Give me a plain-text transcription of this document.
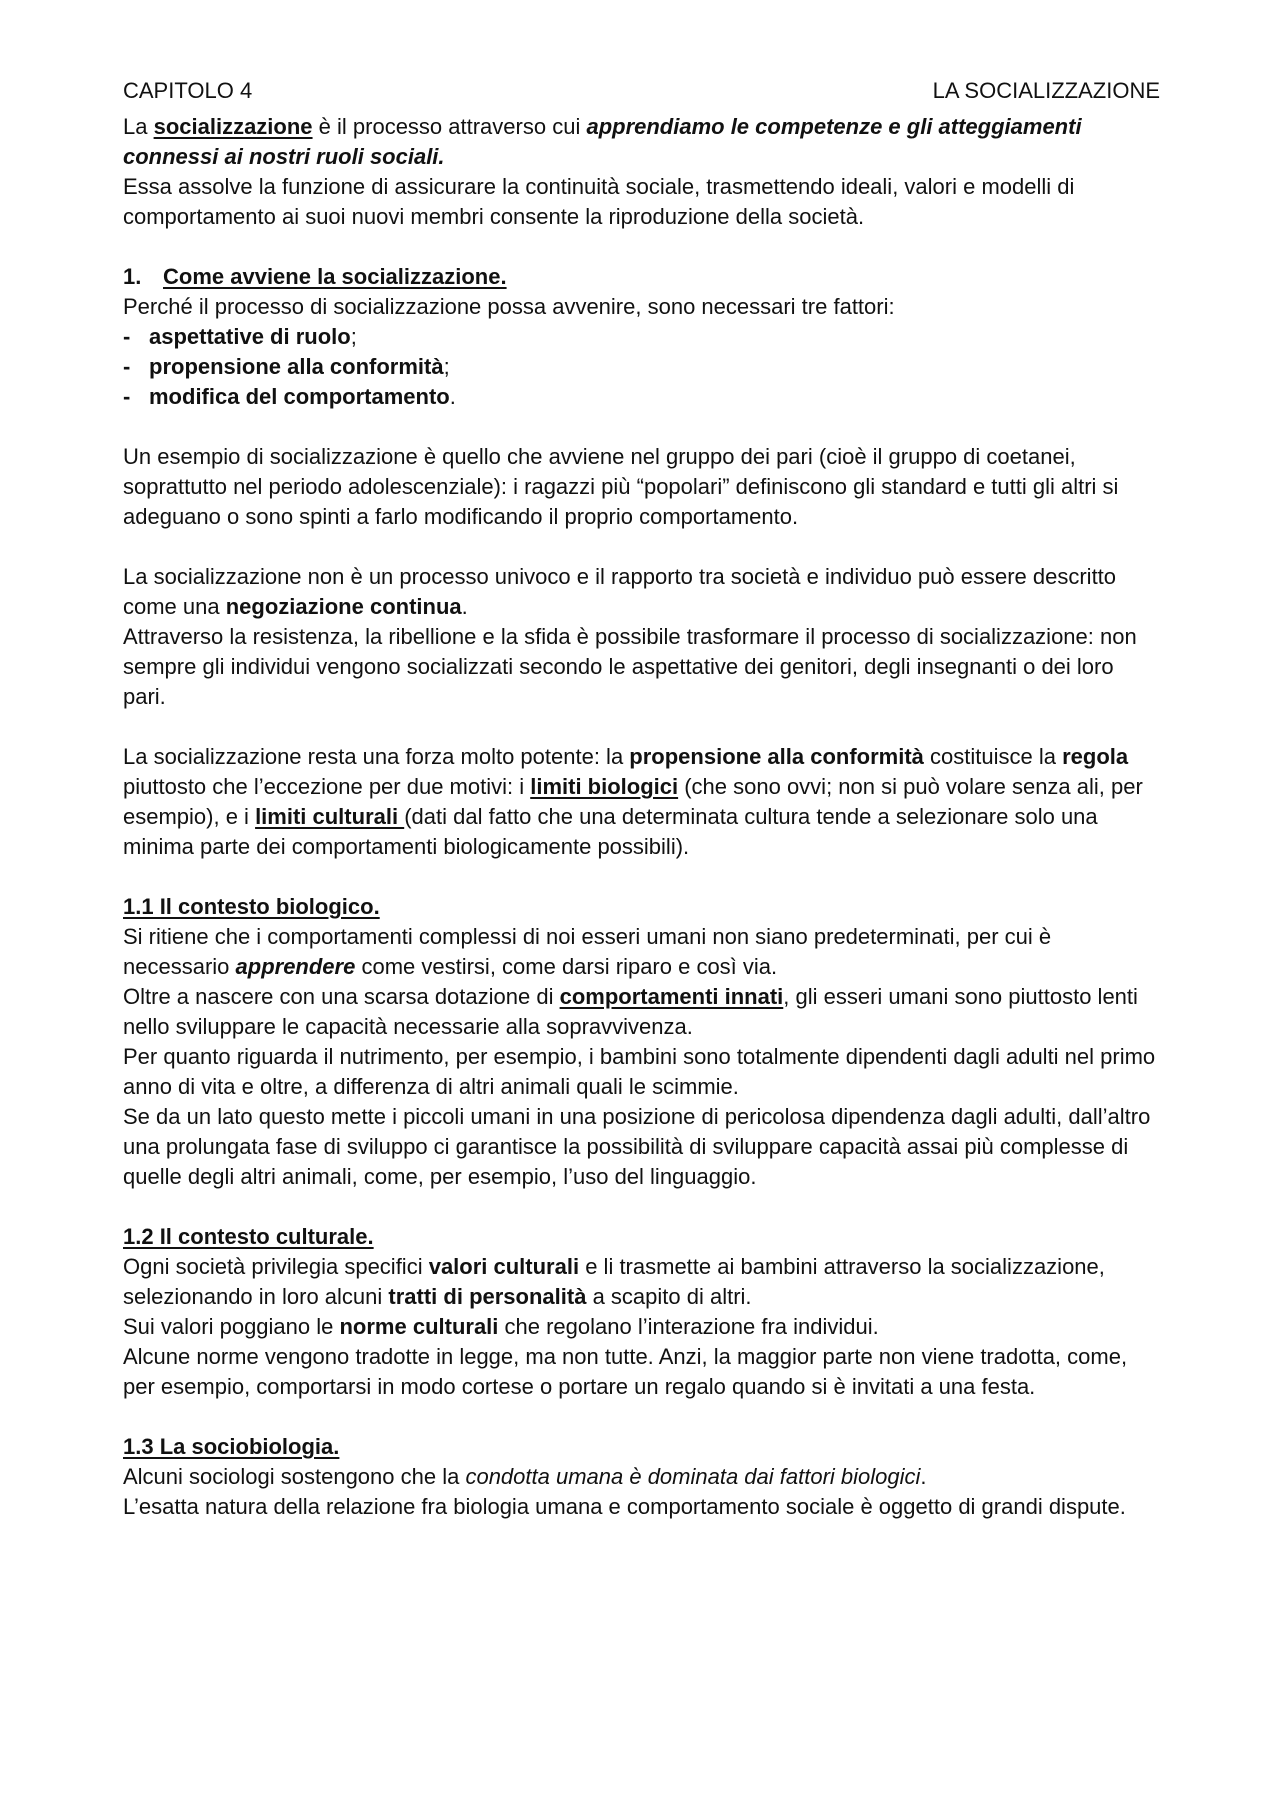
CAPITOLO 4	LA SOCIALIZZAZIONE

La socializzazione è il processo attraverso cui apprendiamo le competenze e gli atteggiamenti connessi ai nostri ruoli sociali.

Essa assolve la funzione di assicurare la continuità sociale, trasmettendo ideali, valori e modelli di comportamento ai suoi nuovi membri consente la riproduzione della società.

1. Come avviene la socializzazione.

Perché il processo di socializzazione possa avvenire, sono necessari tre fattori:

- aspettative di ruolo;
- propensione alla conformità;
- modifica del comportamento.

Un esempio di socializzazione è quello che avviene nel gruppo dei pari (cioè il gruppo di coetanei, soprattutto nel periodo adolescenziale): i ragazzi più “popolari” definiscono gli standard e tutti gli altri si adeguano o sono spinti a farlo modificando il proprio comportamento.

La socializzazione non è un processo univoco e il rapporto tra società e individuo può essere descritto come una negoziazione continua.

Attraverso la resistenza, la ribellione e la sfida è possibile trasformare il processo di socializzazione: non sempre gli individui vengono socializzati secondo le aspettative dei genitori, degli insegnanti o dei loro pari.

La socializzazione resta una forza molto potente: la propensione alla conformità costituisce la regola piuttosto che l’eccezione per due motivi: i limiti biologici (che sono ovvi; non si può volare senza ali, per esempio), e i limiti culturali (dati dal fatto che una determinata cultura tende a selezionare solo una minima parte dei comportamenti biologicamente possibili).

1.1 Il contesto biologico.

Si ritiene che i comportamenti complessi di noi esseri umani non siano predeterminati, per cui è necessario apprendere come vestirsi, come darsi riparo e così via.

Oltre a nascere con una scarsa dotazione di comportamenti innati, gli esseri umani sono piuttosto lenti nello sviluppare le capacità necessarie alla sopravvivenza.

Per quanto riguarda il nutrimento, per esempio, i bambini sono totalmente dipendenti dagli adulti nel primo anno di vita e oltre, a differenza di altri animali quali le scimmie.

Se da un lato questo mette i piccoli umani in una posizione di pericolosa dipendenza dagli adulti, dall’altro una prolungata fase di sviluppo ci garantisce la possibilità di sviluppare capacità assai più complesse di quelle degli altri animali, come, per esempio, l’uso del linguaggio.

1.2 Il contesto culturale.

Ogni società privilegia specifici valori culturali e li trasmette ai bambini attraverso la socializzazione, selezionando in loro alcuni tratti di personalità a scapito di altri.

Sui valori poggiano le norme culturali che regolano l’interazione fra individui.

Alcune norme vengono tradotte in legge, ma non tutte. Anzi, la maggior parte non viene tradotta, come, per esempio, comportarsi in modo cortese o portare un regalo quando si è invitati a una festa.

1.3 La sociobiologia.

Alcuni sociologi sostengono che la condotta umana è dominata dai fattori biologici.

L’esatta natura della relazione fra biologia umana e comportamento sociale è oggetto di grandi dispute.
